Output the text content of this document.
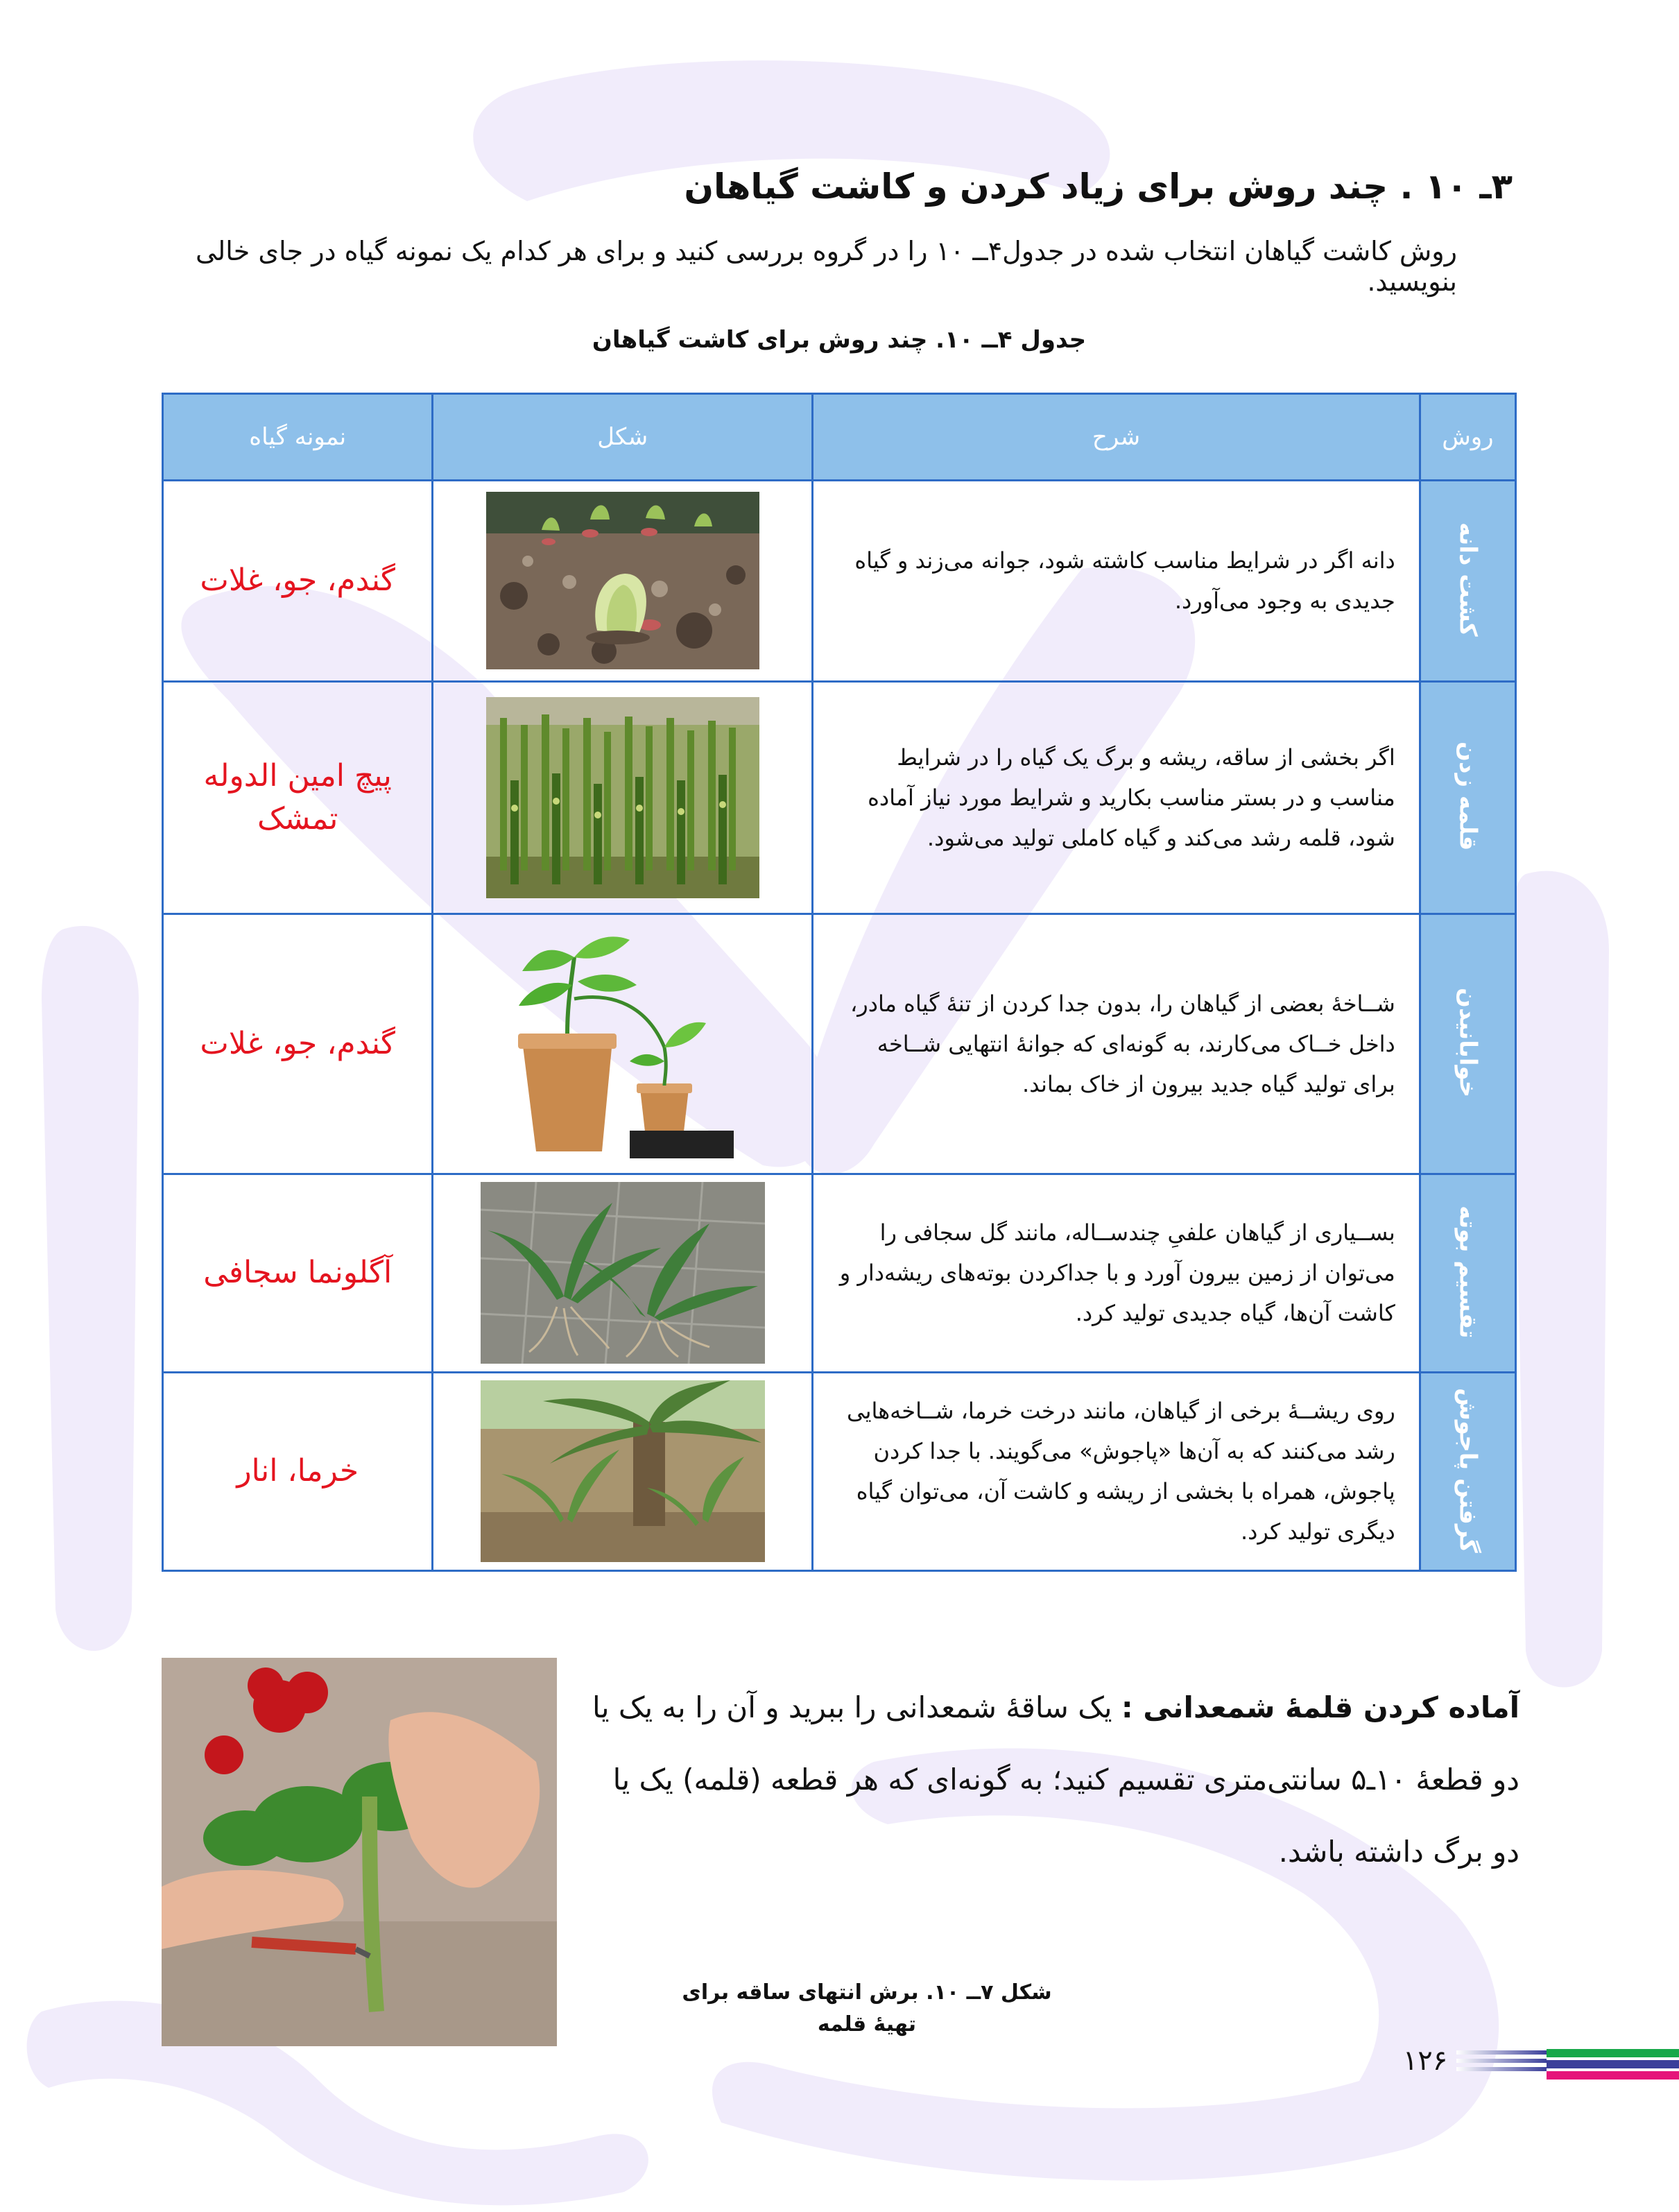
۳ـ ۱۰ . چند روش برای زیاد کردن و کاشت گیاهان
روش کاشت گیاهان انتخاب شده در جدول۴ــ ۱۰ را در گروه بررسی کنید و برای هر کدام یک نمونه گیاه در جای خالی بنویسید.
جدول ۴ــ ۱۰. چند روش برای کاشت گیاهان
روش	شرح	شکل	نمونه گیاه
کشت دانه	دانه اگر در شرایط مناسب کاشته شود، جوانه می‌زند و گیاه جدیدی به وجود می‌آورد.		گندم، جو، غلات

قلمه زدن	اگر بخشی از ساقه، ریشه و برگ یک گیاه را در شرایط مناسب و در بستر مناسب بکارید و شرایط مورد نیاز آماده شود، قلمه رشد می‌کند و گیاه کاملی تولید می‌شود.		پیچ امین الدوله
تمشک

خوابانیدن	شــاخهٔ بعضی از گیاهان را، بدون جدا کردن از تنهٔ گیاه مادر، داخل خــاک می‌کارند، به گونه‌ای که جوانهٔ انتهایی شــاخه برای تولید گیاه جدید بیرون از خاک بماند.		گندم، جو، غلات

تقسیم بوته	بســیاری از گیاهان علفیِ چندســاله، مانند گل سجافی را می‌توان از زمین بیرون آورد و با جداکردن بوته‌های ریشه‌دار و کاشت آن‌ها، گیاه جدیدی تولید کرد.		آگلونما سجافی

گرفتن پاجوش	روی ریشــهٔ برخی از گیاهان، مانند درخت خرما، شــاخه‌هایی رشد می‌کنند که به آن‌ها «پاجوش» می‌گویند. با جدا کردن پاجوش، همراه با بخشی از ریشه و کاشت آن، می‌توان گیاه دیگری تولید کرد.		خرما، انار
آماده کردن قلمهٔ شمعدانی : یک ساقهٔ شمعدانی را ببرید و آن را به یک یا دو قطعهٔ ۱۰ـ۵ سانتی‌متری تقسیم کنید؛ به گونه‌ای که هر قطعه (قلمه) یک یا دو برگ داشته باشد.
شکل ۷ــ ۱۰. برش انتهای ساقه برای تهیهٔ قلمه
۱۲۶
